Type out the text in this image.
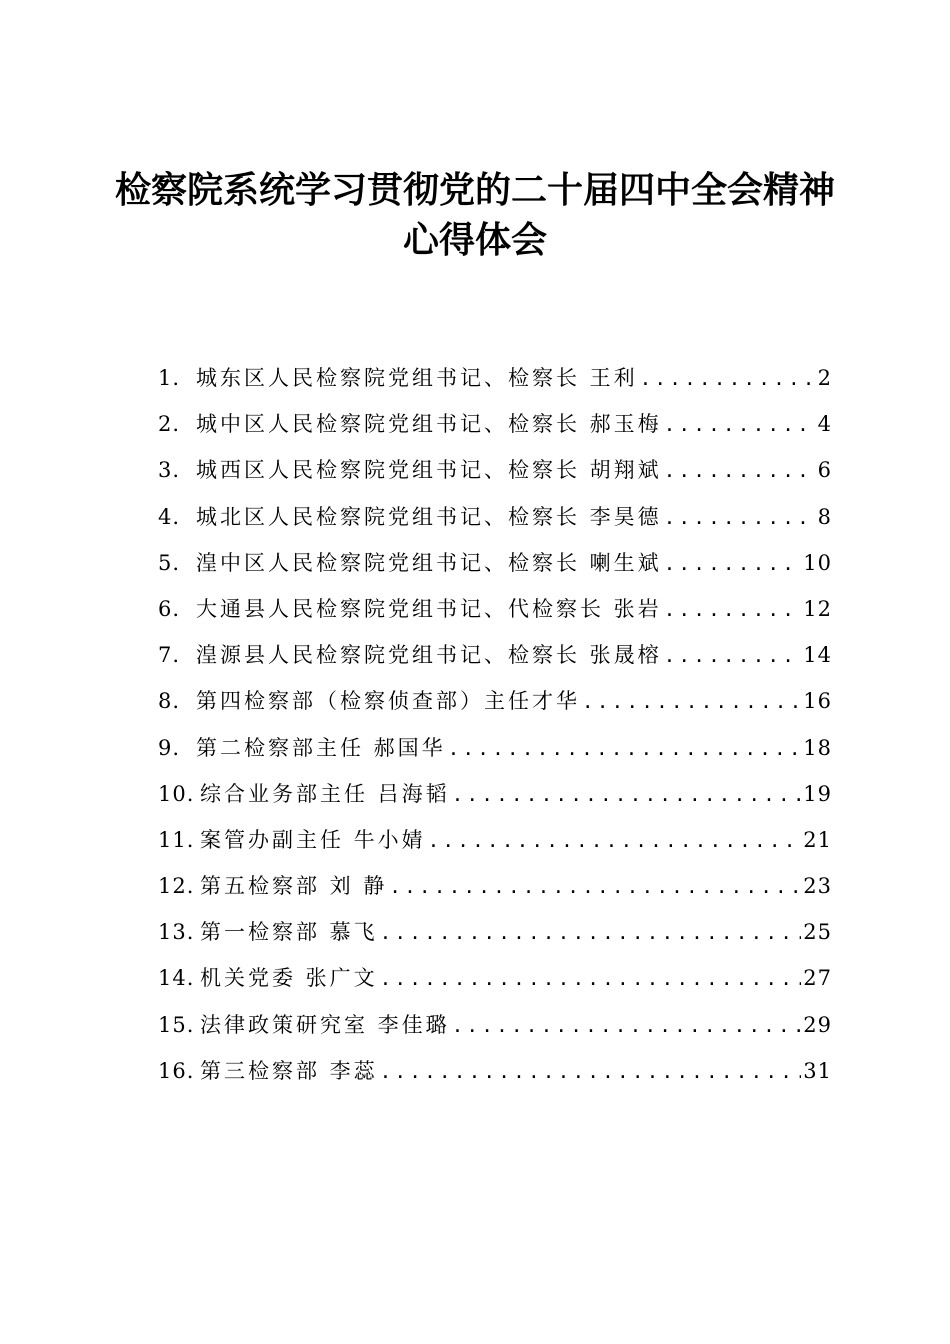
检察院系统学习贯彻党的二十届四中全会精神
心得体会
1. 城东区人民检察院党组书记、检察长 王利 .....	2
2. 城中区人民检察院党组书记、检察长 郝玉梅 .....	4
3. 城西区人民检察院党组书记、检察长 胡翔斌 .....	6
4. 城北区人民检察院党组书记、检察长 李昊德 .....	8
5. 湟中区人民检察院党组书记、检察长 喇生斌 .....	10
6. 大通县人民检察院党组书记、代检察长 张岩 .....	12
7. 湟源县人民检察院党组书记、检察长 张晟榕 .....	14
8. 第四检察部（检察侦查部）主任才华 .....	16
9. 第二检察部主任 郝国华 .....	18
10. 综合业务部主任 吕海韬 .....	19
11. 案管办副主任 牛小婧 .....	21
12. 第五检察部 刘 静 .....	23
13. 第一检察部 慕飞 .....	25
14. 机关党委 张广文 .....	27
15. 法律政策研究室 李佳璐 .....	29
16. 第三检察部 李蕊 .....	31
